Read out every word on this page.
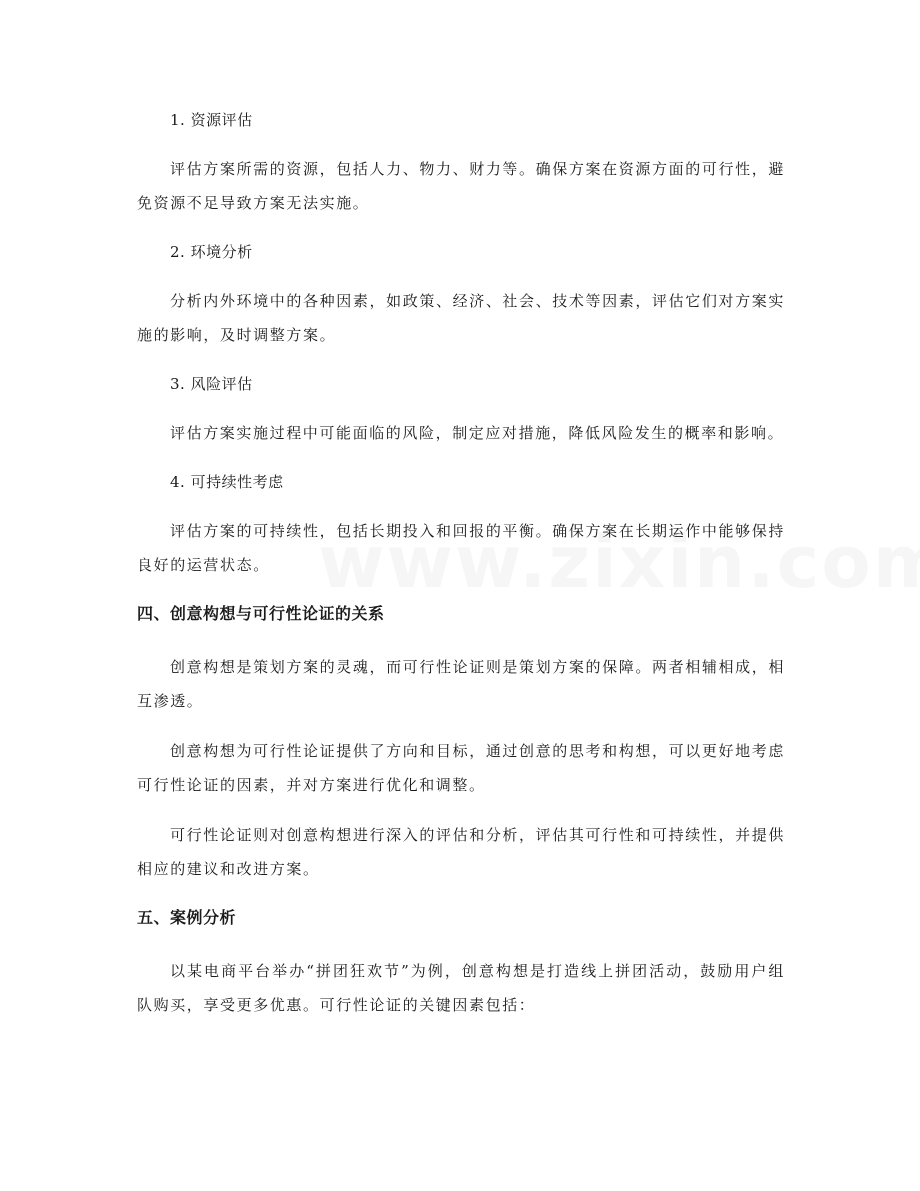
1. 资源评估

评估方案所需的资源，包括人力、物力、财力等。确保方案在资源方面的可行性，避免资源不足导致方案无法实施。

2. 环境分析

分析内外环境中的各种因素，如政策、经济、社会、技术等因素，评估它们对方案实施的影响，及时调整方案。

3. 风险评估

评估方案实施过程中可能面临的风险，制定应对措施，降低风险发生的概率和影响。

4. 可持续性考虑

评估方案的可持续性，包括长期投入和回报的平衡。确保方案在长期运作中能够保持良好的运营状态。

四、创意构想与可行性论证的关系

创意构想是策划方案的灵魂，而可行性论证则是策划方案的保障。两者相辅相成，相互渗透。

创意构想为可行性论证提供了方向和目标，通过创意的思考和构想，可以更好地考虑可行性论证的因素，并对方案进行优化和调整。

可行性论证则对创意构想进行深入的评估和分析，评估其可行性和可持续性，并提供相应的建议和改进方案。

五、案例分析

以某电商平台举办“拼团狂欢节”为例，创意构想是打造线上拼团活动，鼓励用户组队购买，享受更多优惠。可行性论证的关键因素包括：
